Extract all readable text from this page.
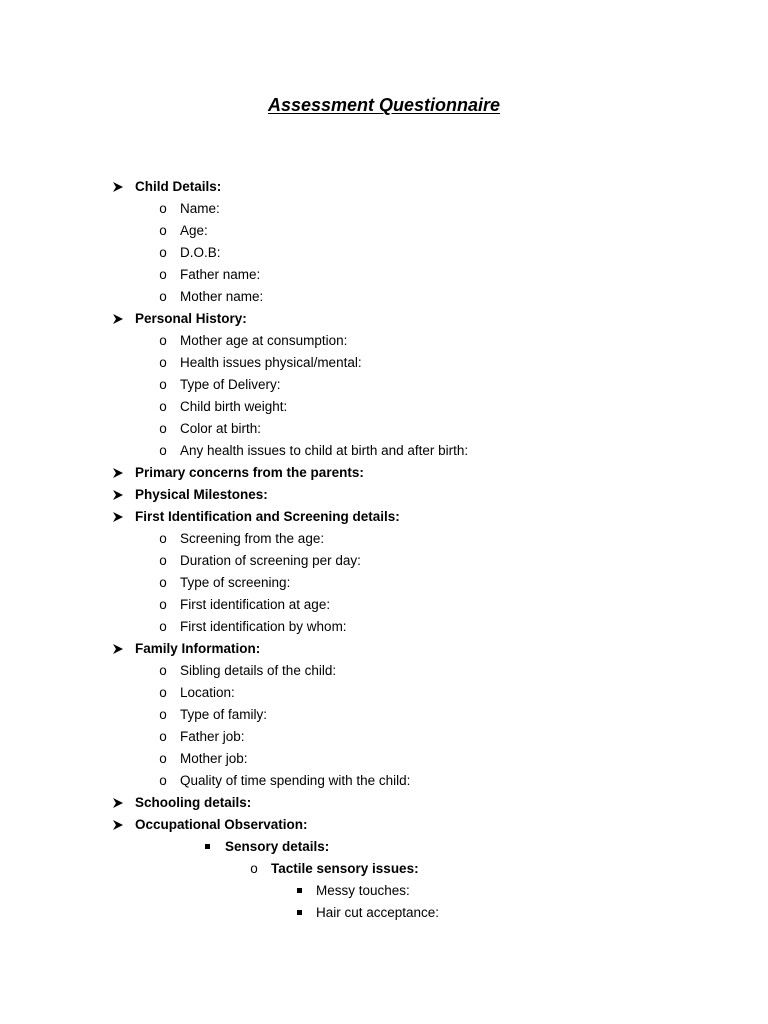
Assessment Questionnaire
Child Details:
o Name:
o Age:
o D.O.B:
o Father name:
o Mother name:
Personal History:
o Mother age at consumption:
o Health issues physical/mental:
o Type of Delivery:
o Child birth weight:
o Color at birth:
o Any health issues to child at birth and after birth:
Primary concerns from the parents:
Physical Milestones:
First Identification and Screening details:
o Screening from the age:
o Duration of screening per day:
o Type of screening:
o First identification at age:
o First identification by whom:
Family Information:
o Sibling details of the child:
o Location:
o Type of family:
o Father job:
o Mother job:
o Quality of time spending with the child:
Schooling details:
Occupational Observation:
Sensory details:
o Tactile sensory issues:
Messy touches:
Hair cut acceptance:
